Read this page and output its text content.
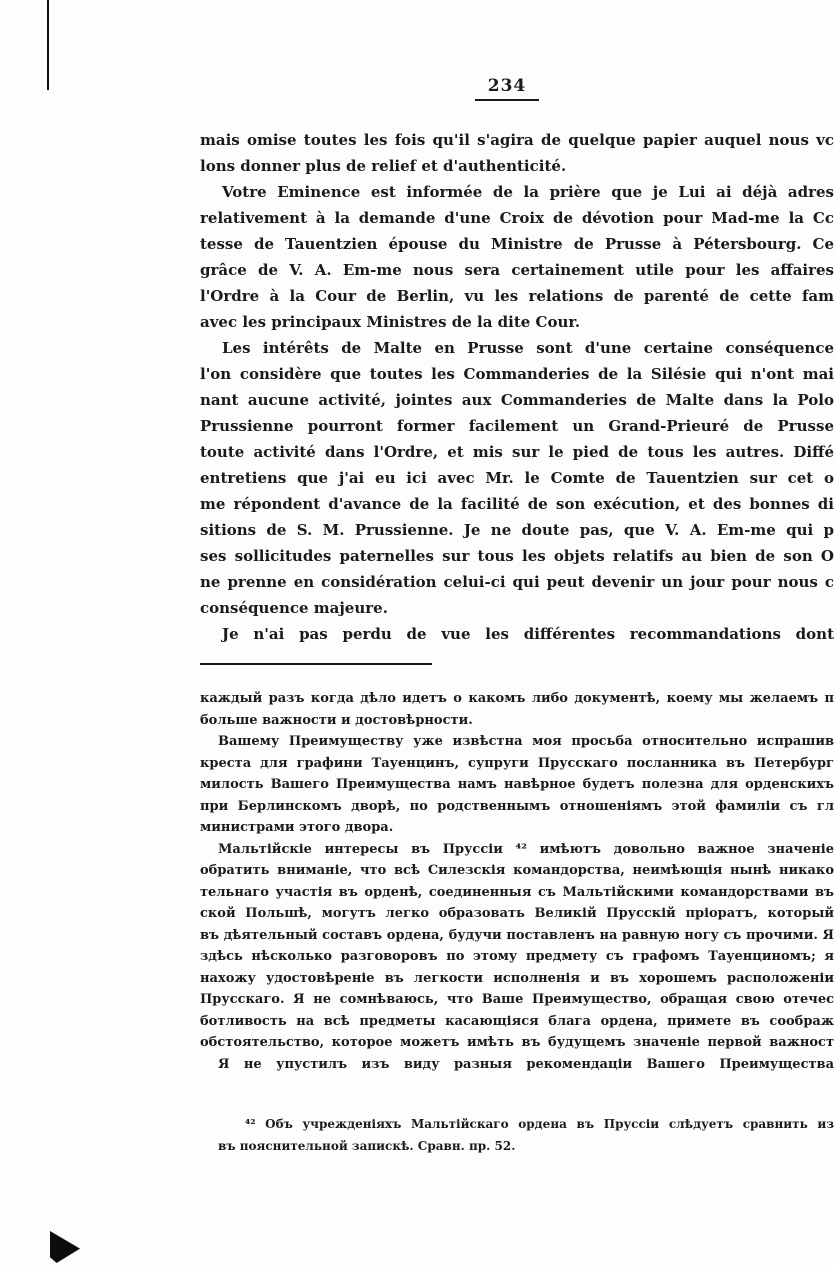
234
mais omise toutes les fois qu'il s'agira de quelque papier auquel nous vc
lons donner plus de relief et d'authenticité.
Votre Eminence est informée de la prière que je Lui ai déjà adres
relativement à la demande d'une Croix de dévotion pour Mad-me la Cc
tesse de Tauentzien épouse du Ministre de Prusse à Pétersbourg. Ce
grâce de V. A. Em-me nous sera certainement utile pour les affaires
l'Ordre à la Cour de Berlin, vu les relations de parenté de cette fam
avec les principaux Ministres de la dite Cour.
Les intérêts de Malte en Prusse sont d'une certaine conséquence
l'on considère que toutes les Commanderies de la Silésie qui n'ont mai
nant aucune activité, jointes aux Commanderies de Malte dans la Polo
Prussienne pourront former facilement un Grand-Prieuré de Prusse
toute activité dans l'Ordre, et mis sur le pied de tous les autres. Diffé
entretiens que j'ai eu ici avec Mr. le Comte de Tauentzien sur cet o
me répondent d'avance de la facilité de son exécution, et des bonnes di
sitions de S. M. Prussienne. Je ne doute pas, que V. A. Em-me qui p
ses sollicitudes paternelles sur tous les objets relatifs au bien de son O
ne prenne en considération celui-ci qui peut devenir un jour pour nous c
conséquence majeure.
Je n'ai pas perdu de vue les différentes recommandations dont
каждый разъ когда дѣло идетъ о какомъ либо документѣ, коему мы желаемъ п
больше важности и достовѣрности.
Вашему Преимуществу уже извѣстна моя просьба относительно испрашив
креста для графини Тауенцинъ, супруги Прусскаго посланника въ Петербург
милость Вашего Преимущества намъ навѣрное будетъ полезна для орденскихъ
при Берлинскомъ дворѣ, по родственнымъ отношеніямъ этой фамиліи съ гл
министрами этого двора.
Мальтійскіе интересы въ Пруссіи ⁴² имѣютъ довольно важное значеніе
обратить вниманіе, что всѣ Силезскія командорства, неимѣющія нынѣ никако
тельнаго участія въ орденѣ, соединенныя съ Мальтійскими командорствами въ
ской Польшѣ, могутъ легко образовать Великій Прусскій пріоратъ, который
въ дѣятельный составъ ордена, будучи поставленъ на равную ногу съ прочими. Я
здѣсь нѣсколько разговоровъ по этому предмету съ графомъ Тауенциномъ; я
нахожу удостовѣреніе въ легкости исполненія и въ хорошемъ расположеніи
Прусскаго. Я не сомнѣваюсь, что Ваше Преимущество, обращая свою отечес
ботливость на всѣ предметы касающіяся блага ордена, примете въ соображ
обстоятельство, которое можетъ имѣть въ будущемъ значеніе первой важност
Я не упустилъ изъ виду разныя рекомендаціи Вашего Преимущества
⁴² Объ учрежденіяхъ Мальтійскаго ордена въ Пруссіи слѣдуетъ сравнить из
въ пояснительной запискѣ. Сравн. пр. 52.
